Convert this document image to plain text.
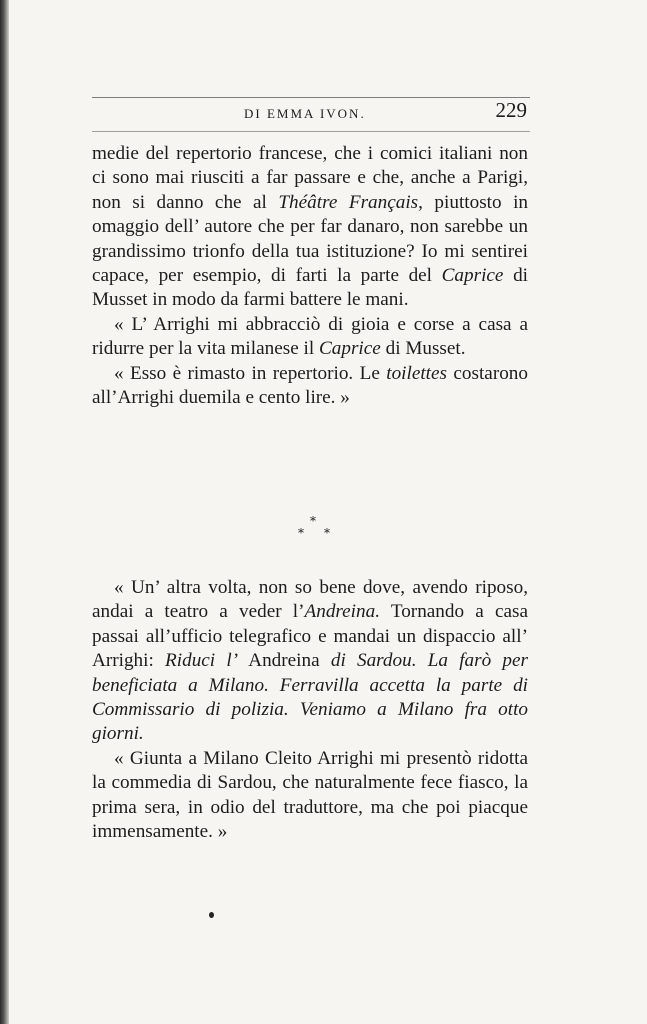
DI EMMA IVON.	229

medie del repertorio francese, che i comici italiani non ci sono mai riusciti a far passare e che, anche a Parigi, non si danno che al Théâtre Français, piuttosto in omaggio dell’ autore che per far danaro, non sarebbe un grandissimo trionfo della tua istituzione? Io mi sentirei capace, per esempio, di farti la parte del Caprice di Musset in modo da farmi battere le mani.

« L’ Arrighi mi abbracciò di gioia e corse a casa a ridurre per la vita milanese il Caprice di Musset.

« Esso è rimasto in repertorio. Le toilettes costarono all’Arrighi duemila e cento lire. »

*
* *

« Un’ altra volta, non so bene dove, avendo riposo, andai a teatro a veder l’Andreina. Tornando a casa passai all’ufficio telegrafico e mandai un dispaccio all’ Arrighi: Riduci l’ Andreina di Sardou. La farò per beneficiata a Milano. Ferravilla accetta la parte di Commissario di polizia. Veniamo a Milano fra otto giorni.

« Giunta a Milano Cleito Arrighi mi presentò ridotta la commedia di Sardou, che naturalmente fece fiasco, la prima sera, in odio del traduttore, ma che poi piacque immensamente. »
